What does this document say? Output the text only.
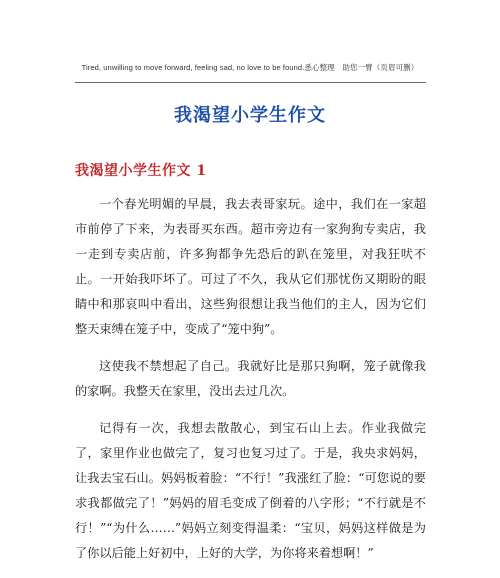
Tired, unwilling to move forward, feeling sad, no love to be found.悉心整理　助您一臂（页眉可删）
我渴望小学生作文
我渴望小学生作文 1

一个春光明媚的早晨，我去表哥家玩。途中，我们在一家超市前停了下来，为表哥买东西。超市旁边有一家狗狗专卖店，我一走到专卖店前，许多狗都争先恐后的趴在笼里，对我狂吠不止。一开始我吓坏了。可过了不久，我从它们那忧伤又期盼的眼睛中和那哀叫中看出，这些狗很想让我当他们的主人，因为它们整天束缚在笼子中，变成了“笼中狗”。

这使我不禁想起了自己。我就好比是那只狗啊，笼子就像我的家啊。我整天在家里，没出去过几次。

记得有一次，我想去散散心，到宝石山上去。作业我做完了，家里作业也做完了，复习也复习过了。于是，我央求妈妈，让我去宝石山。妈妈板着脸：“不行！”我涨红了脸：“可您说的要求我都做完了！”妈妈的眉毛变成了倒着的八字形；“不行就是不行！”“为什么……”妈妈立刻变得温柔：“宝贝，妈妈这样做是为了你以后能上好初中，上好的大学，为你将来着想啊！”
